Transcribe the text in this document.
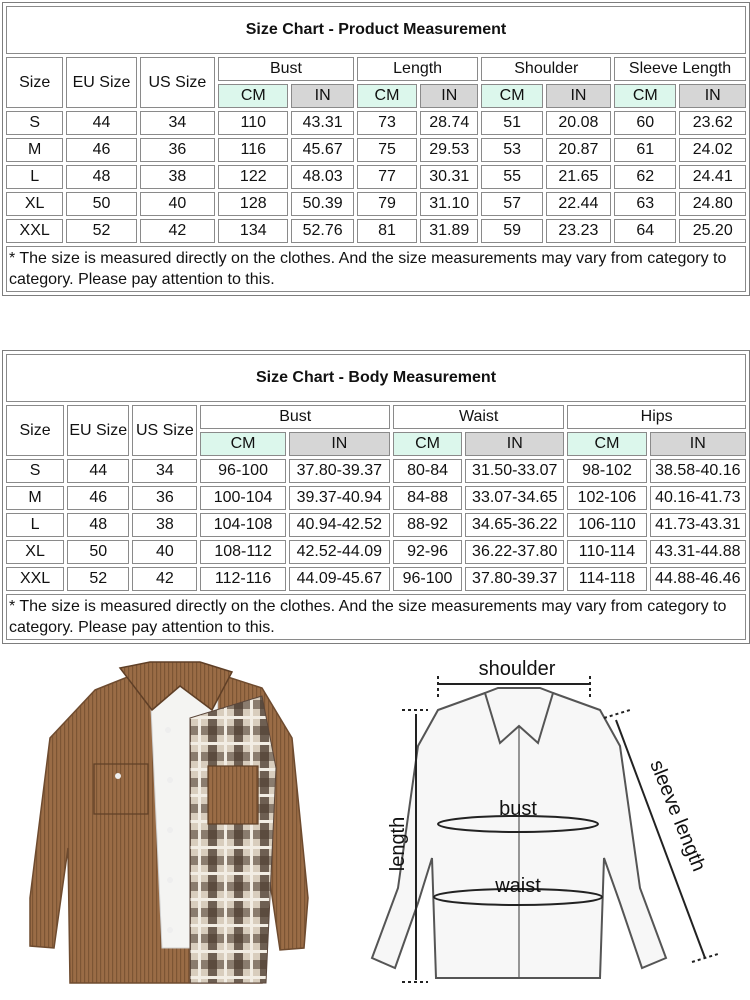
Size Chart - Product Measurement										
Size	EU Size	US Size	Bust		Length		Shoulder		Sleeve Length	
			CM	IN	CM	IN	CM	IN	CM	IN
S	44	34	110	43.31	73	28.74	51	20.08	60	23.62
M	46	36	116	45.67	75	29.53	53	20.87	61	24.02
L	48	38	122	48.03	77	30.31	55	21.65	62	24.41
XL	50	40	128	50.39	79	31.10	57	22.44	63	24.80
XXL	52	42	134	52.76	81	31.89	59	23.23	64	25.20
* The size is measured directly on the clothes. And the size measurements may vary from category to category. Please pay attention to this.										
Size Chart - Body Measurement								
Size	EU Size	US Size	Bust		Waist		Hips	
			CM	IN	CM	IN	CM	IN
S	44	34	96-100	37.80-39.37	80-84	31.50-33.07	98-102	38.58-40.16
M	46	36	100-104	39.37-40.94	84-88	33.07-34.65	102-106	40.16-41.73
L	48	38	104-108	40.94-42.52	88-92	34.65-36.22	106-110	41.73-43.31
XL	50	40	108-112	42.52-44.09	92-96	36.22-37.80	110-114	43.31-44.88
XXL	52	42	112-116	44.09-45.67	96-100	37.80-39.37	114-118	44.88-46.46
* The size is measured directly on the clothes. And the size measurements may vary from category to category. Please pay attention to this.								
shoulder
bust
waist
length	sleeve length
